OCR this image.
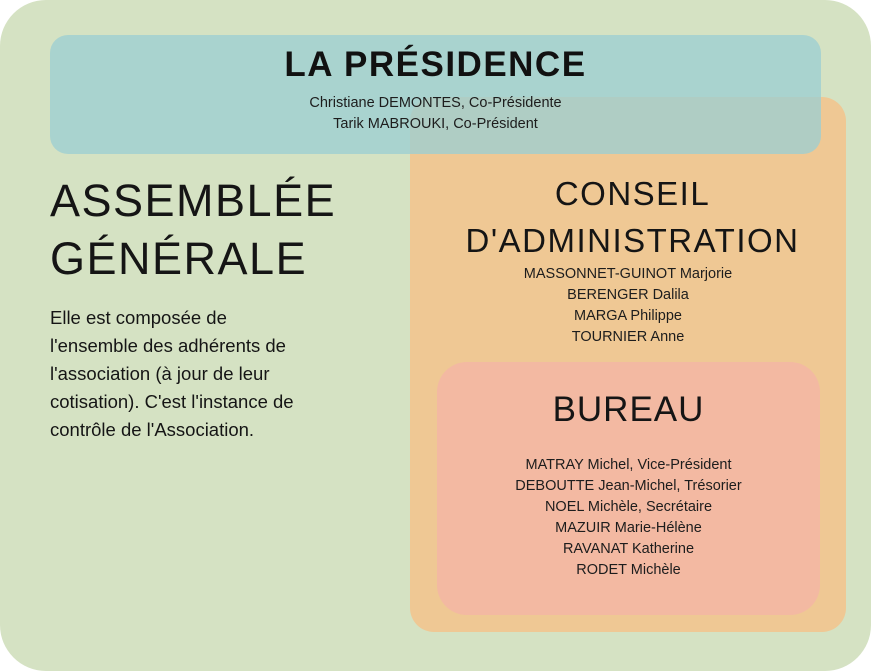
LA PRÉSIDENCE
Christiane DEMONTES, Co-Présidente
Tarik MABROUKI, Co-Président
ASSEMBLÉE
GÉNÉRALE
Elle est composée de
l'ensemble des adhérents de
l'association (à jour de leur
cotisation). C'est l'instance de
contrôle de l'Association.
CONSEIL
D'ADMINISTRATION
MASSONNET-GUINOT Marjorie
BERENGER Dalila
MARGA Philippe
TOURNIER Anne
BUREAU
MATRAY Michel, Vice-Président
DEBOUTTE Jean-Michel, Trésorier
NOEL Michèle, Secrétaire
MAZUIR Marie-Hélène
RAVANAT Katherine
RODET Michèle
